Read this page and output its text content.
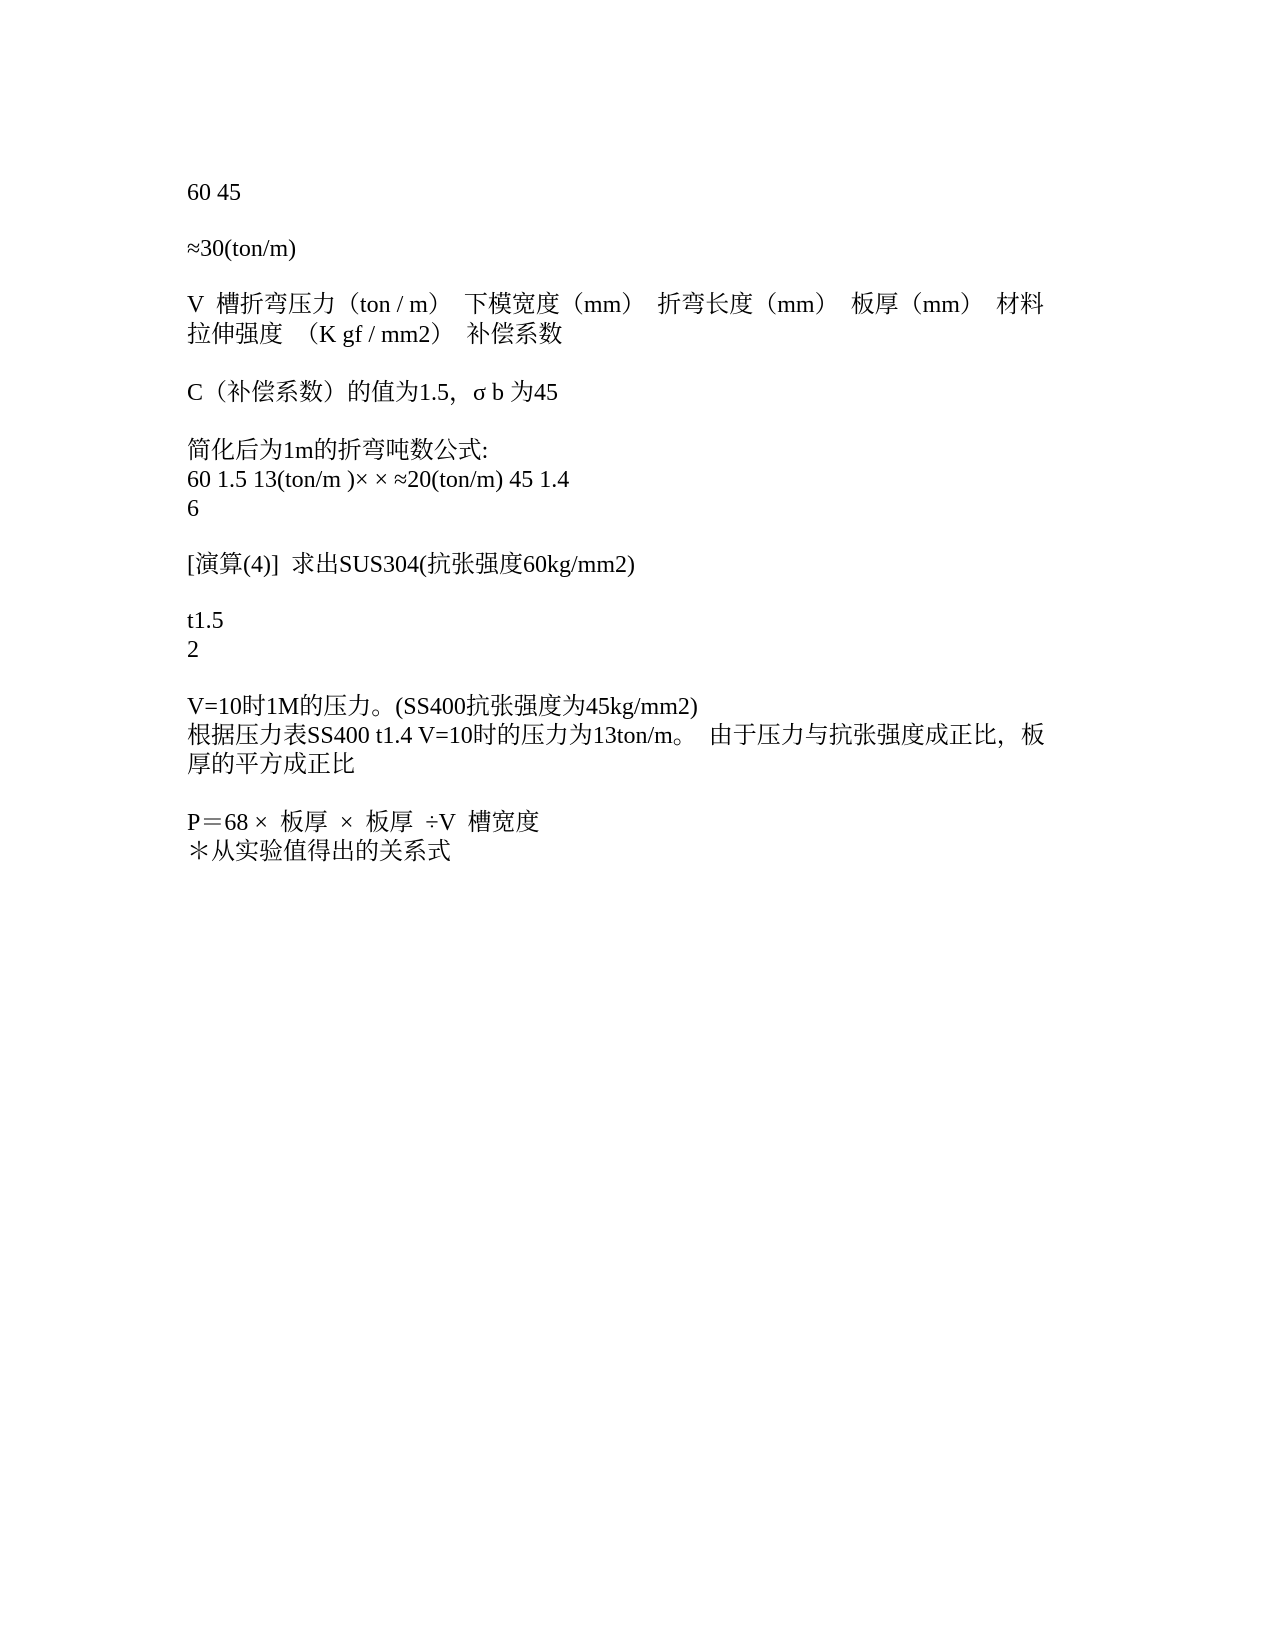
60 45
≈30(ton/m)
V  槽折弯压力（ton / m）  下模宽度（mm）  折弯长度（mm）  板厚（mm）  材料
拉伸强度  （K gf / mm2）  补偿系数
C（补偿系数）的值为1.5，σ b 为45
简化后为1m的折弯吨数公式:
60 1.5 13(ton/m )× × ≈20(ton/m) 45 1.4
6
[演算(4)]  求出SUS304(抗张强度60kg/mm2)
t1.5
2
V=10时1M的压力。(SS400抗张强度为45kg/mm2)
根据压力表SS400 t1.4 V=10时的压力为13ton/m。  由于压力与抗张强度成正比，板
厚的平方成正比
P＝68 ×  板厚  ×  板厚  ÷V  槽宽度
＊从实验值得出的关系式
